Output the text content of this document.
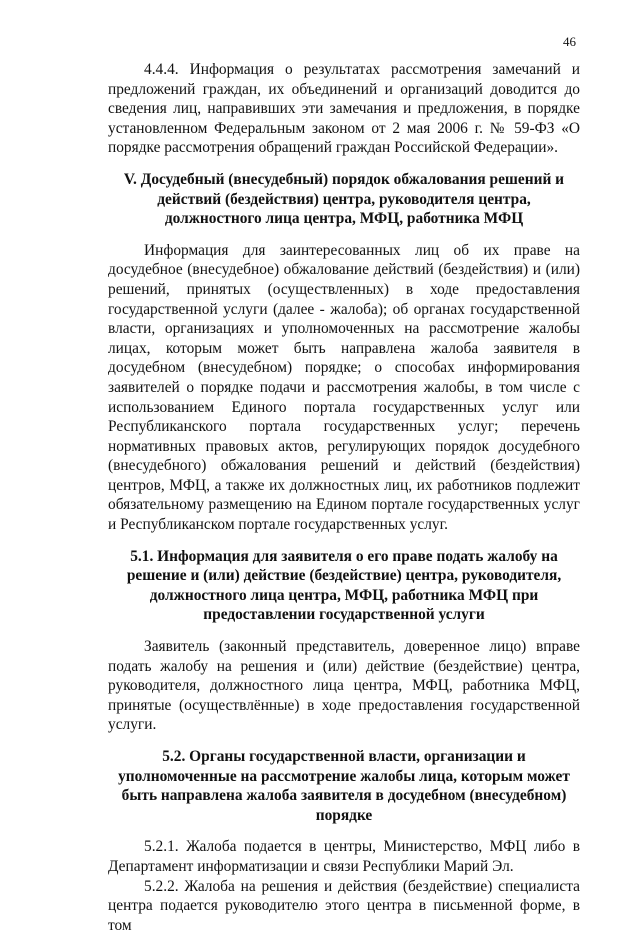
46

4.4.4. Информация о результатах рассмотрения замечаний и предложений граждан, их объединений и организаций доводится до сведения лиц, направивших эти замечания и предложения, в порядке установленном Федеральным законом от 2 мая 2006 г. № 59-ФЗ «О порядке рассмотрения обращений граждан Российской Федерации».

V. Досудебный (внесудебный) порядок обжалования решений и действий (бездействия) центра, руководителя центра, должностного лица центра, МФЦ, работника МФЦ

Информация для заинтересованных лиц об их праве на досудебное (внесудебное) обжалование действий (бездействия) и (или) решений, принятых (осуществленных) в ходе предоставления государственной услуги (далее - жалоба); об органах государственной власти, организациях и уполномоченных на рассмотрение жалобы лицах, которым может быть направлена жалоба заявителя в досудебном (внесудебном) порядке; о способах информирования заявителей о порядке подачи и рассмотрения жалобы, в том числе с использованием Единого портала государственных услуг или Республиканского портала государственных услуг; перечень нормативных правовых актов, регулирующих порядок досудебного (внесудебного) обжалования решений и действий (бездействия) центров, МФЦ, а также их должностных лиц, их работников подлежит обязательному размещению на Едином портале государственных услуг и Республиканском портале государственных услуг.

5.1. Информация для заявителя о его праве подать жалобу на решение и (или) действие (бездействие) центра, руководителя, должностного лица центра, МФЦ, работника МФЦ при предоставлении государственной услуги

Заявитель (законный представитель, доверенное лицо) вправе подать жалобу на решения и (или) действие (бездействие) центра, руководителя, должностного лица центра, МФЦ, работника МФЦ, принятые (осуществлённые) в ходе предоставления государственной услуги.

5.2. Органы государственной власти, организации и уполномоченные на рассмотрение жалобы лица, которым может быть направлена жалоба заявителя в досудебном (внесудебном) порядке

5.2.1. Жалоба подается в центры, Министерство, МФЦ либо в Департамент информатизации и связи Республики Марий Эл.

5.2.2. Жалоба на решения и действия (бездействие) специалиста центра подается руководителю этого центра в письменной форме, в том
